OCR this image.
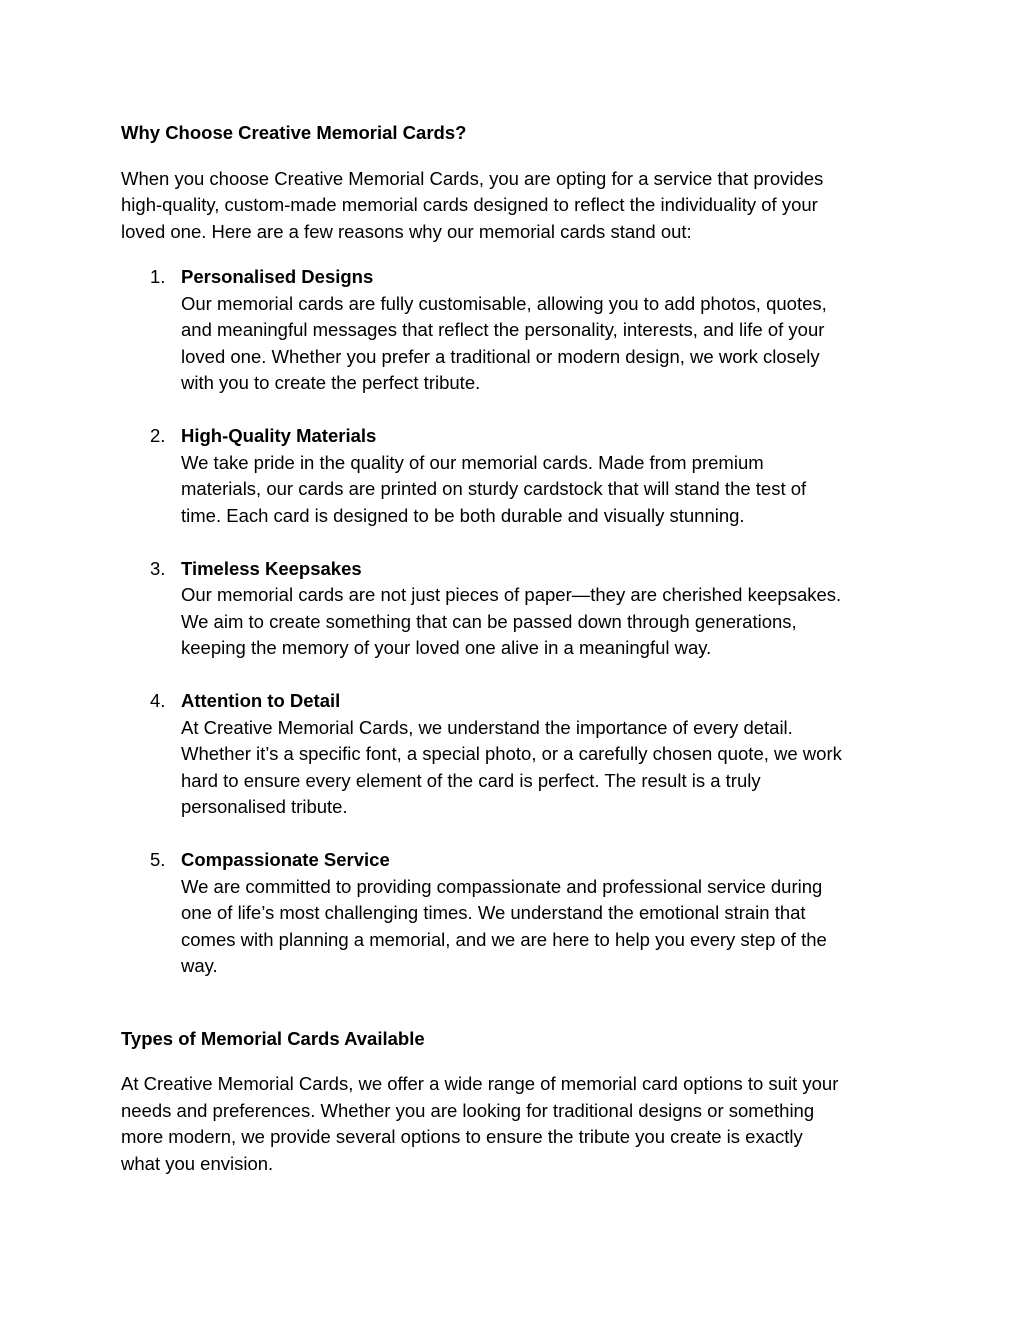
Why Choose Creative Memorial Cards?

When you choose Creative Memorial Cards, you are opting for a service that provides
high-quality, custom-made memorial cards designed to reflect the individuality of your
loved one. Here are a few reasons why our memorial cards stand out:

1. Personalised Designs
Our memorial cards are fully customisable, allowing you to add photos, quotes,
and meaningful messages that reflect the personality, interests, and life of your
loved one. Whether you prefer a traditional or modern design, we work closely
with you to create the perfect tribute.
2. High-Quality Materials
We take pride in the quality of our memorial cards. Made from premium
materials, our cards are printed on sturdy cardstock that will stand the test of
time. Each card is designed to be both durable and visually stunning.
3. Timeless Keepsakes
Our memorial cards are not just pieces of paper—they are cherished keepsakes.
We aim to create something that can be passed down through generations,
keeping the memory of your loved one alive in a meaningful way.
4. Attention to Detail
At Creative Memorial Cards, we understand the importance of every detail.
Whether it’s a specific font, a special photo, or a carefully chosen quote, we work
hard to ensure every element of the card is perfect. The result is a truly
personalised tribute.
5. Compassionate Service
We are committed to providing compassionate and professional service during
one of life’s most challenging times. We understand the emotional strain that
comes with planning a memorial, and we are here to help you every step of the
way.
Types of Memorial Cards Available

At Creative Memorial Cards, we offer a wide range of memorial card options to suit your
needs and preferences. Whether you are looking for traditional designs or something
more modern, we provide several options to ensure the tribute you create is exactly
what you envision.
